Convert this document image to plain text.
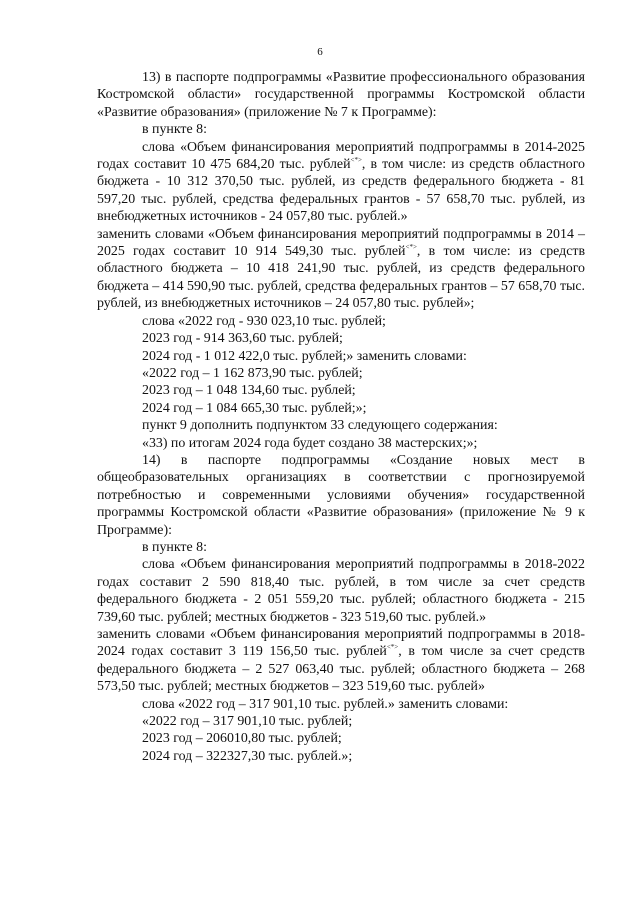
6

13) в паспорте подпрограммы «Развитие профессионального образования Костромской области» государственной программы Костромской области «Развитие образования» (приложение № 7 к Программе):

в пункте 8:

слова «Объем финансирования мероприятий подпрограммы в 2014-2025 годах составит 10 475 684,20 тыс. рублей<*>, в том числе: из средств областного бюджета - 10 312 370,50 тыс. рублей, из средств федерального бюджета - 81 597,20 тыс. рублей, средства федеральных грантов - 57 658,70 тыс. рублей, из внебюджетных источников - 24 057,80 тыс. рублей.»

заменить словами «Объем финансирования мероприятий подпрограммы в 2014 – 2025 годах составит 10 914 549,30 тыс. рублей<*>, в том числе: из средств областного бюджета – 10 418 241,90 тыс. рублей, из средств федерального бюджета – 414 590,90 тыс. рублей, средства федеральных грантов – 57 658,70 тыс. рублей, из внебюджетных источников – 24 057,80 тыс. рублей»;

слова «2022 год - 930 023,10 тыс. рублей;

2023 год - 914 363,60 тыс. рублей;

2024 год - 1 012 422,0 тыс. рублей;» заменить словами:

«2022 год – 1 162 873,90 тыс. рублей;

2023 год – 1 048 134,60 тыс. рублей;

2024 год – 1 084 665,30 тыс. рублей;»;

пункт 9 дополнить подпунктом 33 следующего содержания:

«33) по итогам 2024 года будет создано 38 мастерских;»;

14) в паспорте подпрограммы «Создание новых мест в общеобразовательных организациях в соответствии с прогнозируемой потребностью и современными условиями обучения» государственной программы Костромской области «Развитие образования» (приложение № 9 к Программе):

в пункте 8:

слова «Объем финансирования мероприятий подпрограммы в 2018-2022 годах составит 2 590 818,40 тыс. рублей, в том числе за счет средств федерального бюджета - 2 051 559,20 тыс. рублей; областного бюджета - 215 739,60 тыс. рублей; местных бюджетов - 323 519,60 тыс. рублей.»

заменить словами «Объем финансирования мероприятий подпрограммы в 2018-2024 годах составит 3 119 156,50 тыс. рублей<*>, в том числе за счет средств федерального бюджета – 2 527 063,40 тыс. рублей; областного бюджета – 268 573,50 тыс. рублей; местных бюджетов – 323 519,60 тыс. рублей»

слова «2022 год – 317 901,10 тыс. рублей.» заменить словами:

«2022 год – 317 901,10 тыс. рублей;

2023 год – 206010,80 тыс. рублей;

2024 год – 322327,30 тыс. рублей.»;
